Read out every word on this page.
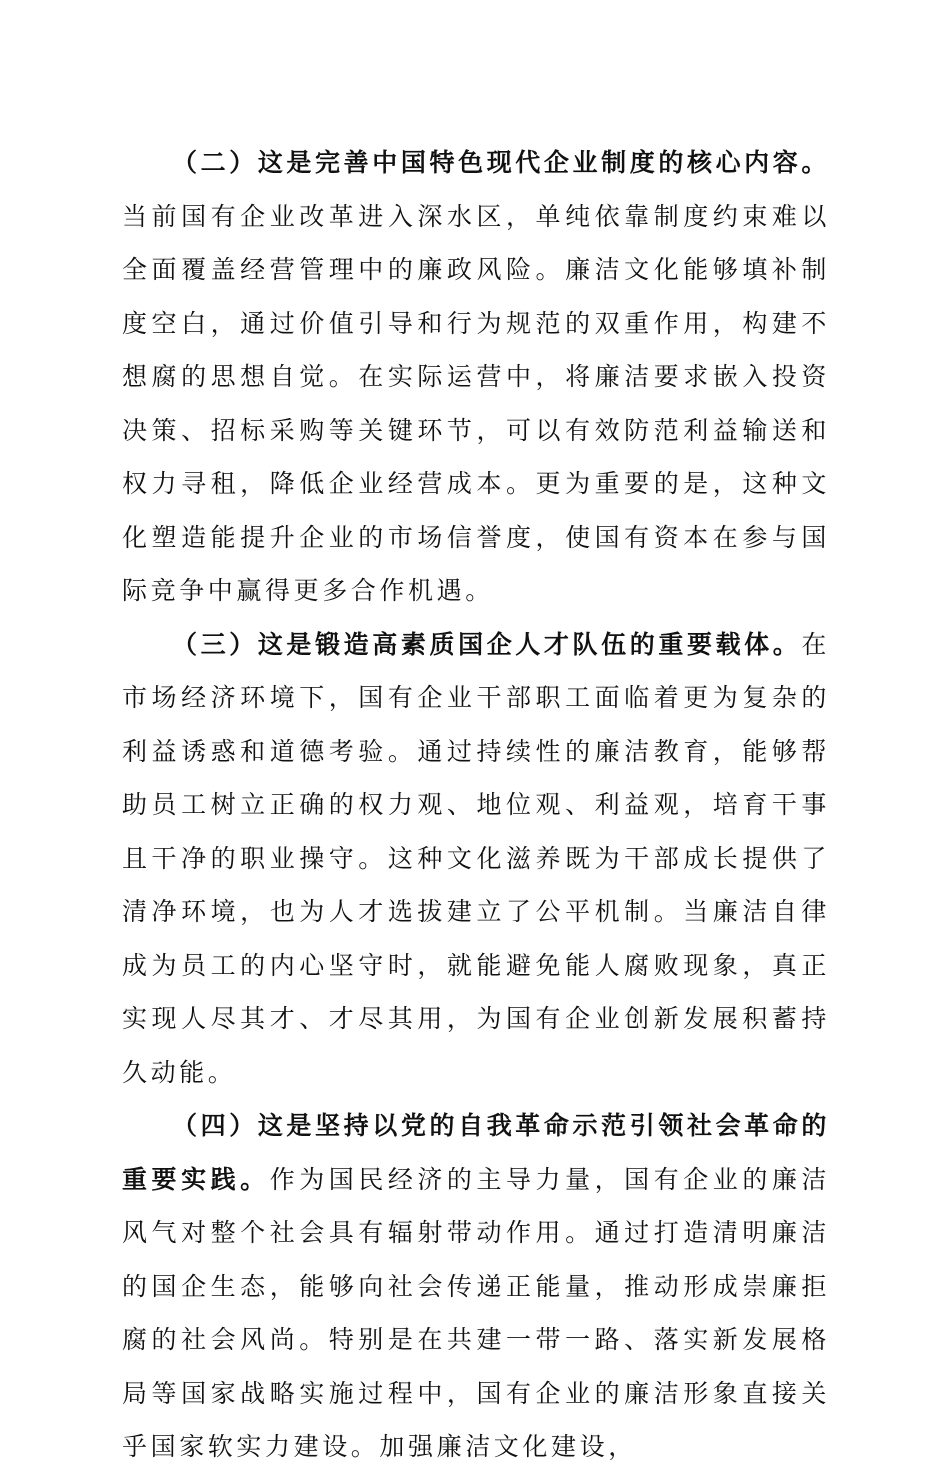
（二）这是完善中国特色现代企业制度的核心内容。当前国有企业改革进入深水区，单纯依靠制度约束难以全面覆盖经营管理中的廉政风险。廉洁文化能够填补制度空白，通过价值引导和行为规范的双重作用，构建不想腐的思想自觉。在实际运营中，将廉洁要求嵌入投资决策、招标采购等关键环节，可以有效防范利益输送和权力寻租，降低企业经营成本。更为重要的是，这种文化塑造能提升企业的市场信誉度，使国有资本在参与国际竞争中赢得更多合作机遇。

（三）这是锻造高素质国企人才队伍的重要载体。在市场经济环境下，国有企业干部职工面临着更为复杂的利益诱惑和道德考验。通过持续性的廉洁教育，能够帮助员工树立正确的权力观、地位观、利益观，培育干事且干净的职业操守。这种文化滋养既为干部成长提供了清净环境，也为人才选拔建立了公平机制。当廉洁自律成为员工的内心坚守时，就能避免能人腐败现象，真正实现人尽其才、才尽其用，为国有企业创新发展积蓄持久动能。

（四）这是坚持以党的自我革命示范引领社会革命的重要实践。作为国民经济的主导力量，国有企业的廉洁风气对整个社会具有辐射带动作用。通过打造清明廉洁的国企生态，能够向社会传递正能量，推动形成崇廉拒腐的社会风尚。特别是在共建一带一路、落实新发展格局等国家战略实施过程中，国有企业的廉洁形象直接关乎国家软实力建设。加强廉洁文化建设，
